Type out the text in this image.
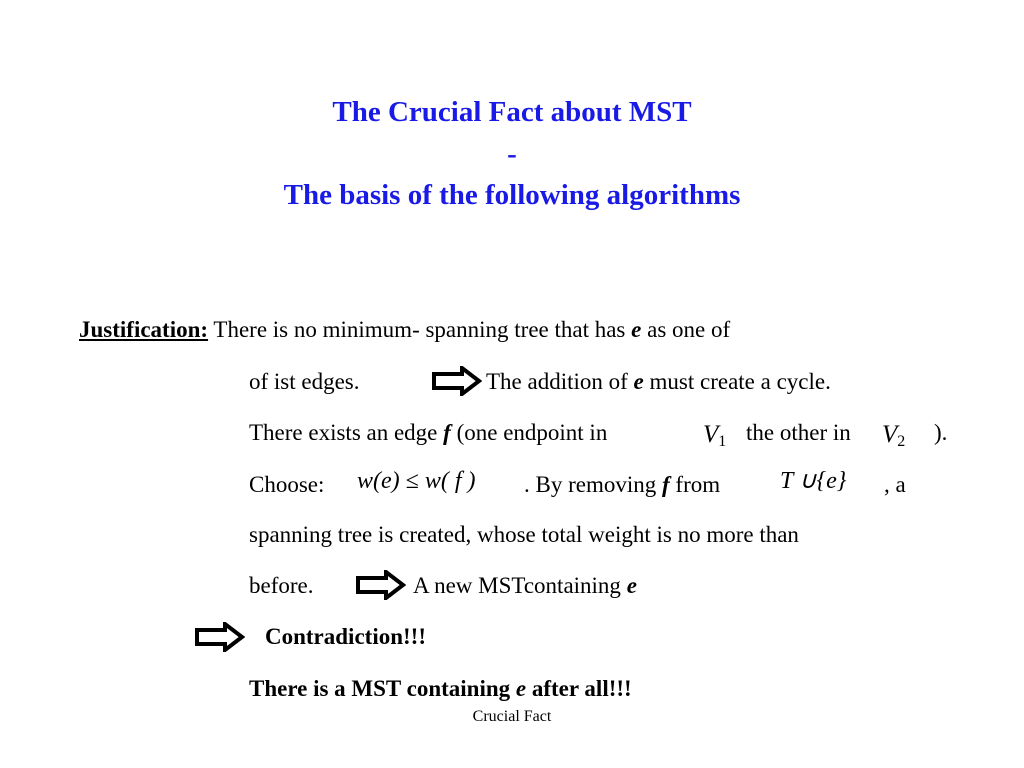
The Crucial Fact about MST
-
The basis of the following algorithms
Justification: There is no minimum- spanning tree that has e as one of
of ist edges.	The addition of e must create a cycle.
There exists an edge f (one endpoint in	$V_1$ the other in $V_2$ ).
Choose: w(e) ≤ w( f ) . By removing f from T ∪{e} , a
spanning tree is created, whose total weight is no more than
before.	A new MSTcontaining e
Contradiction!!!
There is a MST containing e after all!!!
Crucial Fact
